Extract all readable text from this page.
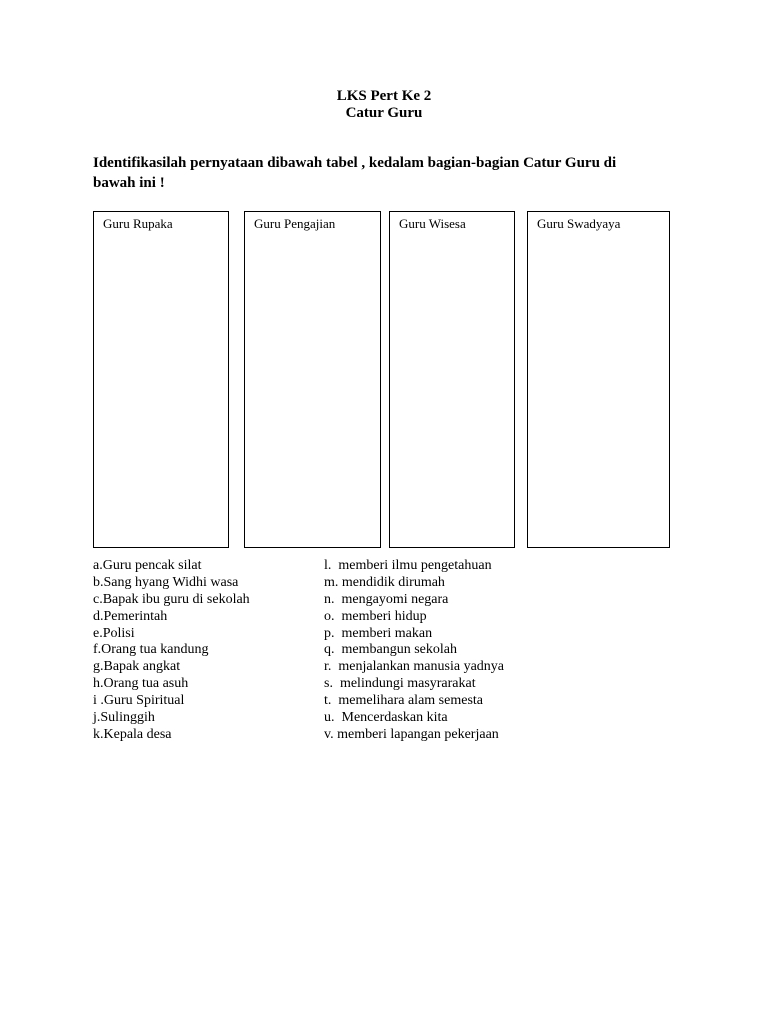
LKS Pert Ke 2
Catur Guru
Identifikasilah pernyataan dibawah tabel , kedalam bagian-bagian Catur Guru di bawah ini !
Guru Rupaka	Guru Pengajian	Guru Wisesa	Guru Swadyaya
a.Guru pencak silat
b.Sang hyang Widhi wasa
c.Bapak ibu guru di sekolah
d.Pemerintah
e.Polisi
f.Orang tua kandung
g.Bapak angkat
h.Orang tua asuh
i .Guru Spiritual
j.Sulinggih
k.Kepala desa
l.  memberi ilmu pengetahuan
m. mendidik dirumah
n.  mengayomi negara
o.  memberi hidup
p.  memberi makan
q.  membangun sekolah
r.  menjalankan manusia yadnya
s.  melindungi masyrarakat
t.  memelihara alam semesta
u.  Mencerdaskan kita
v. memberi lapangan pekerjaan
